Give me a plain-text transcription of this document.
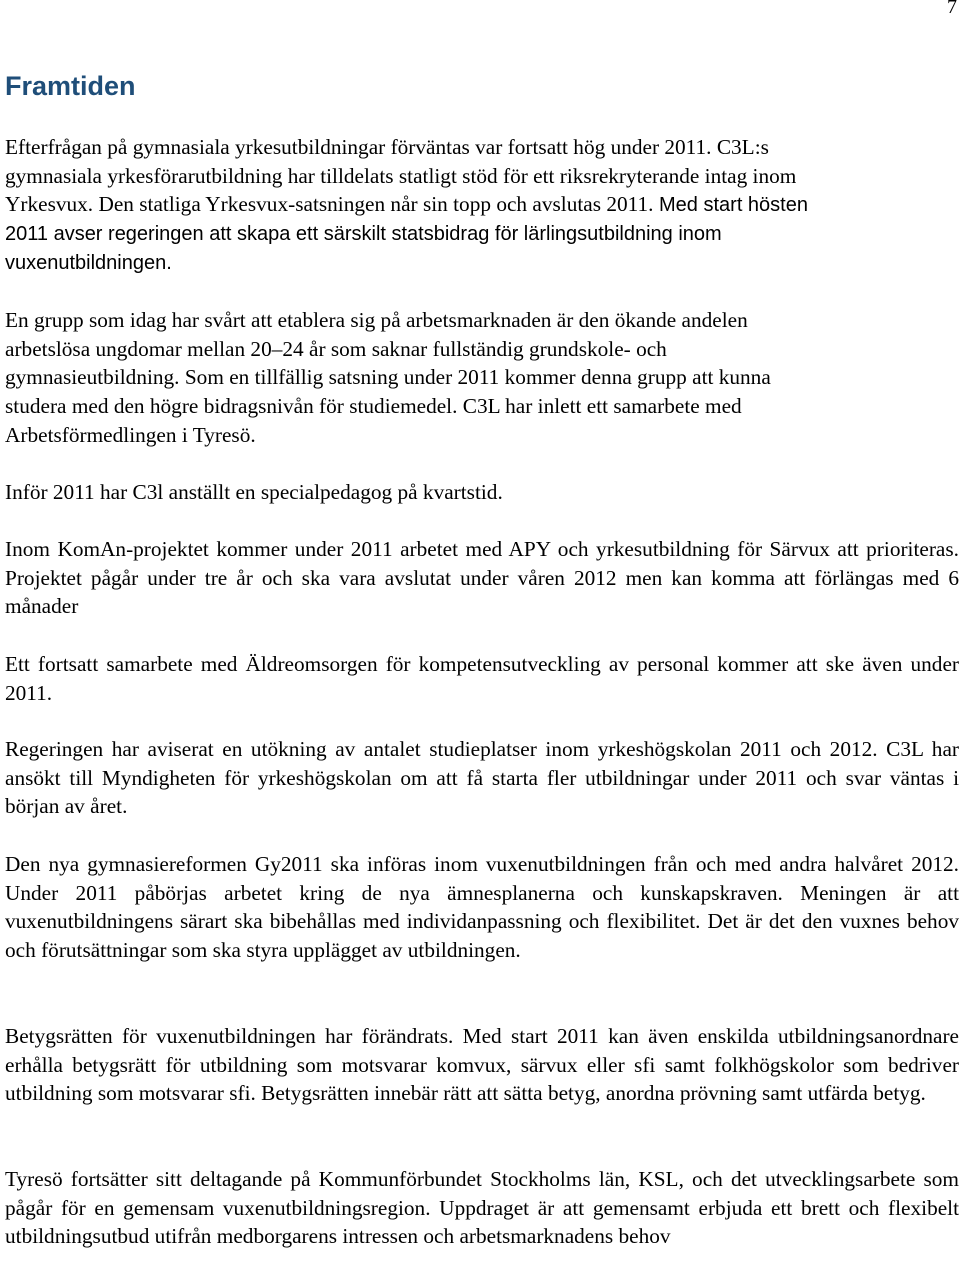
7
Framtiden

Efterfrågan på gymnasiala yrkesutbildningar förväntas var fortsatt hög under 2011. C3L:s
gymnasiala yrkesförarutbildning har tilldelats statligt stöd för ett riksrekryterande intag inom
Yrkesvux. Den statliga Yrkesvux-satsningen når sin topp och avslutas 2011. Med start hösten
2011 avser regeringen att skapa ett särskilt statsbidrag för lärlingsutbildning inom
vuxenutbildningen.

En grupp som idag har svårt att etablera sig på arbetsmarknaden är den ökande andelen
arbetslösa ungdomar mellan 20–24 år som saknar fullständig grundskole- och
gymnasieutbildning. Som en tillfällig satsning under 2011 kommer denna grupp att kunna
studera med den högre bidragsnivån för studiemedel. C3L har inlett ett samarbete med
Arbetsförmedlingen i Tyresö.

Inför 2011 har C3l anställt en specialpedagog på kvartstid.

Inom KomAn-projektet kommer under 2011 arbetet med APY och yrkesutbildning för Särvux att prioriteras. Projektet pågår under tre år och ska vara avslutat under våren 2012 men kan komma att förlängas med 6 månader

Ett fortsatt samarbete med Äldreomsorgen för kompetensutveckling av personal kommer att ske även under 2011.

Regeringen har aviserat en utökning av antalet studieplatser inom yrkeshögskolan 2011 och 2012. C3L har ansökt till Myndigheten för yrkeshögskolan om att få starta fler utbildningar under 2011 och svar väntas i början av året.

Den nya gymnasiereformen Gy2011 ska införas inom vuxenutbildningen från och med andra halvåret 2012. Under 2011 påbörjas arbetet kring de nya ämnesplanerna och kunskapskraven. Meningen är att vuxenutbildningens särart ska bibehållas med individanpassning och flexibilitet. Det är det den vuxnes behov och förutsättningar som ska styra upplägget av utbildningen.

Betygsrätten för vuxenutbildningen har förändrats. Med start 2011 kan även enskilda utbildningsanordnare erhålla betygsrätt för utbildning som motsvarar komvux, särvux eller sfi samt folkhögskolor som bedriver utbildning som motsvarar sfi. Betygsrätten innebär rätt att sätta betyg, anordna prövning samt utfärda betyg.

Tyresö fortsätter sitt deltagande på Kommunförbundet Stockholms län, KSL, och det utvecklingsarbete som pågår för en gemensam vuxenutbildningsregion. Uppdraget är att gemensamt erbjuda ett brett och flexibelt utbildningsutbud utifrån medborgarens intressen och arbetsmarknadens behov
